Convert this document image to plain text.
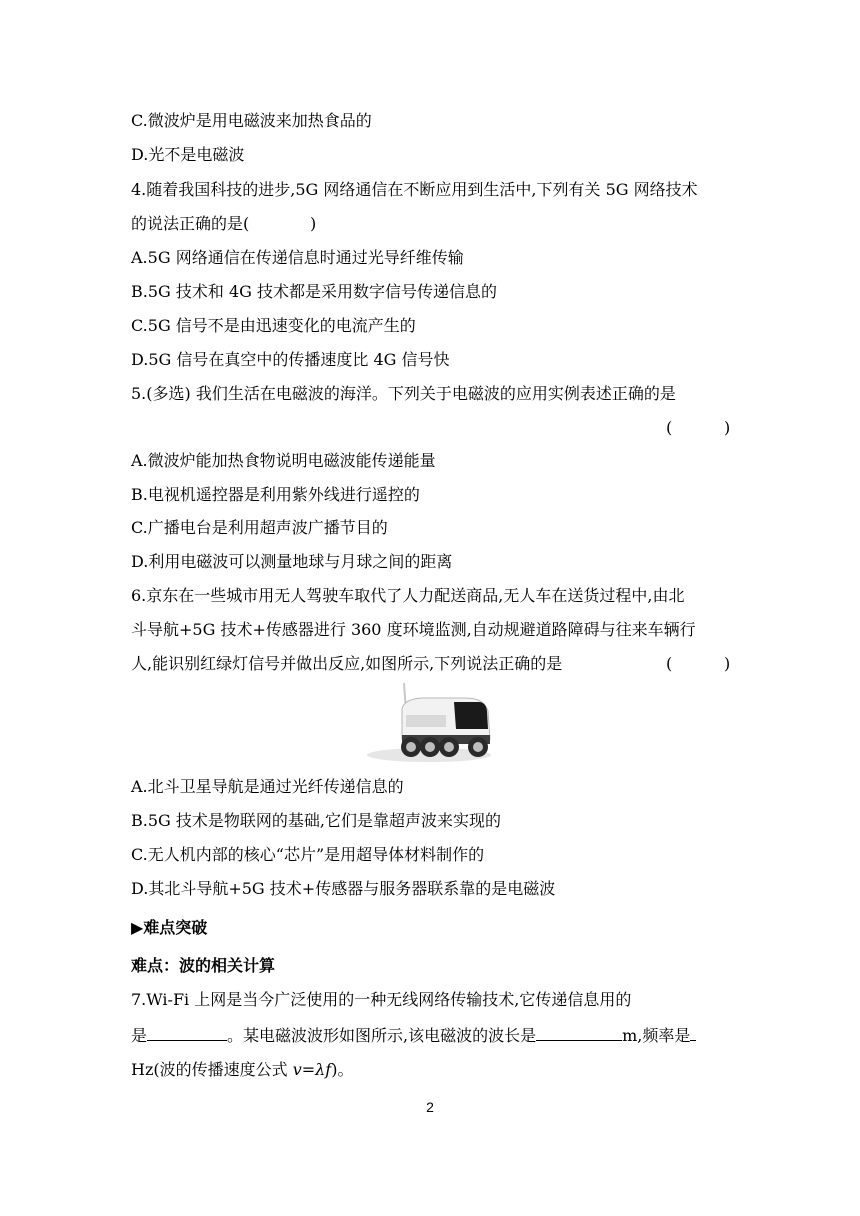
C.微波炉是用电磁波来加热食品的
D.光不是电磁波
4.随着我国科技的进步,5G 网络通信在不断应用到生活中,下列有关 5G 网络技术
的说法正确的是(	)
A.5G 网络通信在传递信息时通过光导纤维传输
B.5G 技术和 4G 技术都是采用数字信号传递信息的
C.5G 信号不是由迅速变化的电流产生的
D.5G 信号在真空中的传播速度比 4G 信号快
5.(多选) 我们生活在电磁波的海洋。下列关于电磁波的应用实例表述正确的是
(	)
A.微波炉能加热食物说明电磁波能传递能量
B.电视机遥控器是利用紫外线进行遥控的
C.广播电台是利用超声波广播节目的
D.利用电磁波可以测量地球与月球之间的距离
6.京东在一些城市用无人驾驶车取代了人力配送商品,无人车在送货过程中,由北
斗导航+5G 技术+传感器进行 360 度环境监测,自动规避道路障碍与往来车辆行
人,能识别红绿灯信号并做出反应,如图所示,下列说法正确的是	(	)
A.北斗卫星导航是通过光纤传递信息的
B.5G 技术是物联网的基础,它们是靠超声波来实现的
C.无人机内部的核心“芯片”是用超导体材料制作的
D.其北斗导航+5G 技术+传感器与服务器联系靠的是电磁波
▶难点突破
难点：波的相关计算
7.Wi-Fi 上网是当今广泛使用的一种无线网络传输技术,它传递信息用的
是	。某电磁波波形如图所示,该电磁波的波长是	m,频率是
Hz(波的传播速度公式 v=λf)。
2
